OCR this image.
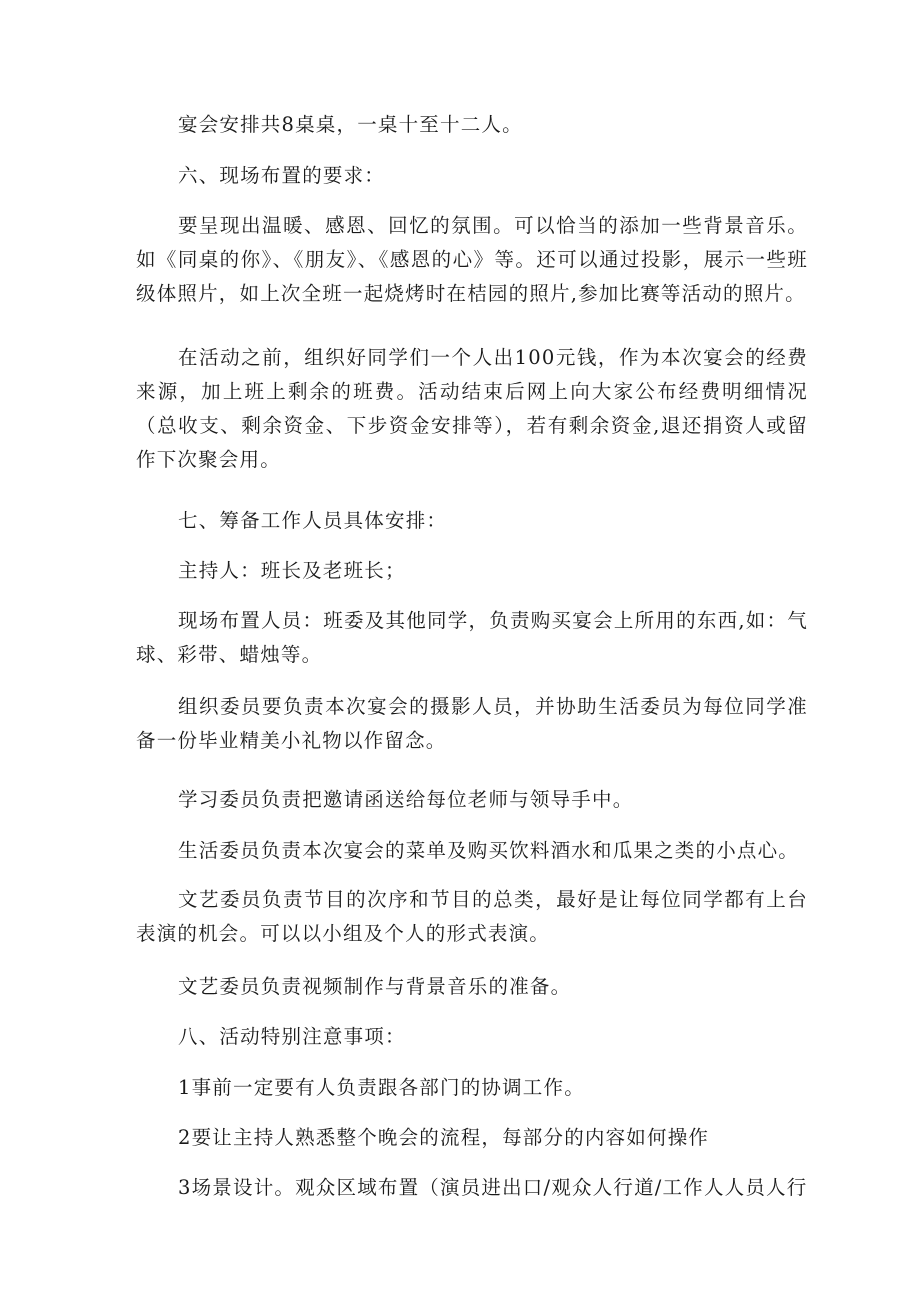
宴会安排共8桌桌，一桌十至十二人。

六、现场布置的要求：

要呈现出温暖、感恩、回忆的氛围。可以恰当的添加一些背景音乐。如《同桌的你》、《朋友》、《感恩的心》等。还可以通过投影，展示一些班级体照片，如上次全班一起烧烤时在桔园的照片,参加比赛等活动的照片。

在活动之前，组织好同学们一个人出100元钱，作为本次宴会的经费来源，加上班上剩余的班费。活动结束后网上向大家公布经费明细情况（总收支、剩余资金、下步资金安排等），若有剩余资金,退还捐资人或留作下次聚会用。

七、筹备工作人员具体安排：

主持人：班长及老班长；

现场布置人员：班委及其他同学，负责购买宴会上所用的东西,如：气球、彩带、蜡烛等。

组织委员要负责本次宴会的摄影人员，并协助生活委员为每位同学准备一份毕业精美小礼物以作留念。

学习委员负责把邀请函送给每位老师与领导手中。

生活委员负责本次宴会的菜单及购买饮料酒水和瓜果之类的小点心。

文艺委员负责节目的次序和节目的总类，最好是让每位同学都有上台表演的机会。可以以小组及个人的形式表演。

文艺委员负责视频制作与背景音乐的准备。

八、活动特别注意事项：

1事前一定要有人负责跟各部门的协调工作。

2要让主持人熟悉整个晚会的流程，每部分的内容如何操作

3场景设计。观众区域布置（演员进出口/观众人行道/工作人人员人行
